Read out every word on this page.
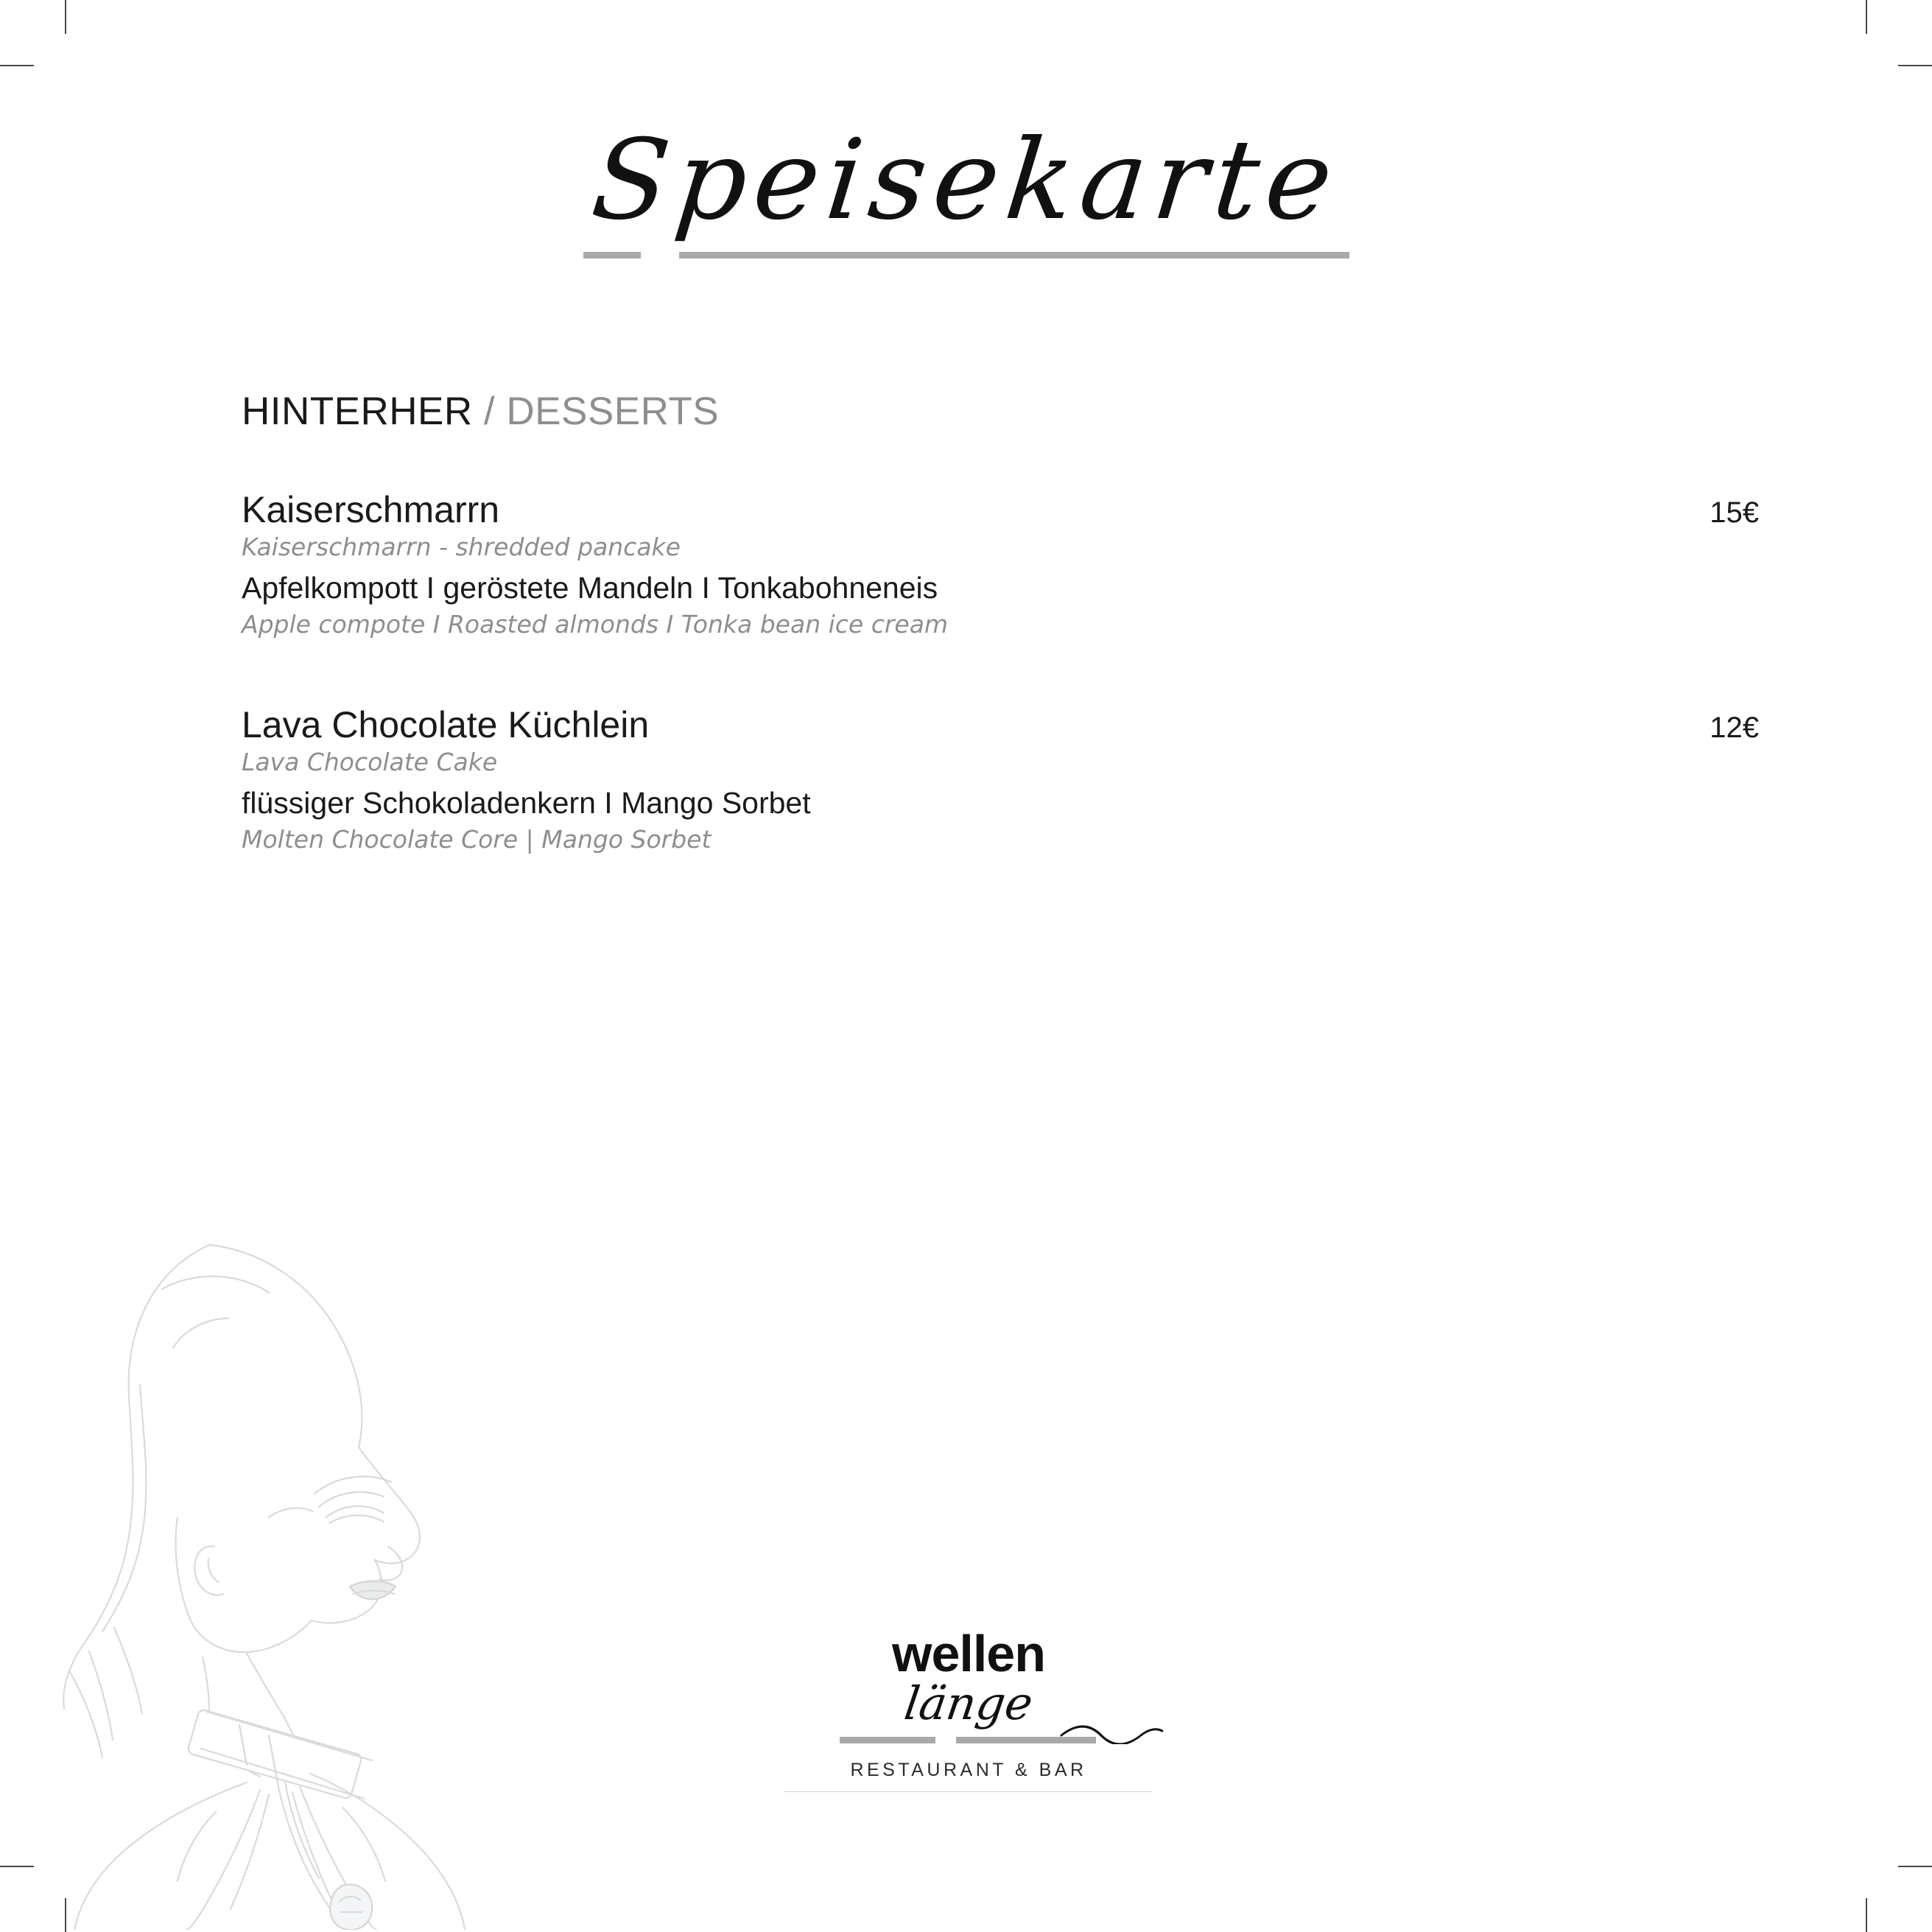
Speisekarte
HINTERHER / DESSERTS
Kaiserschmarrn	15€
Kaiserschmarrn - shredded pancake
Apfelkompott I geröstete Mandeln I Tonkabohneneis
Apple compote I Roasted almonds I Tonka bean ice cream
Lava Chocolate Küchlein	12€
Lava Chocolate Cake
flüssiger Schokoladenkern I Mango Sorbet
Molten Chocolate Core | Mango Sorbet
wellen
länge
RESTAURANT & BAR
